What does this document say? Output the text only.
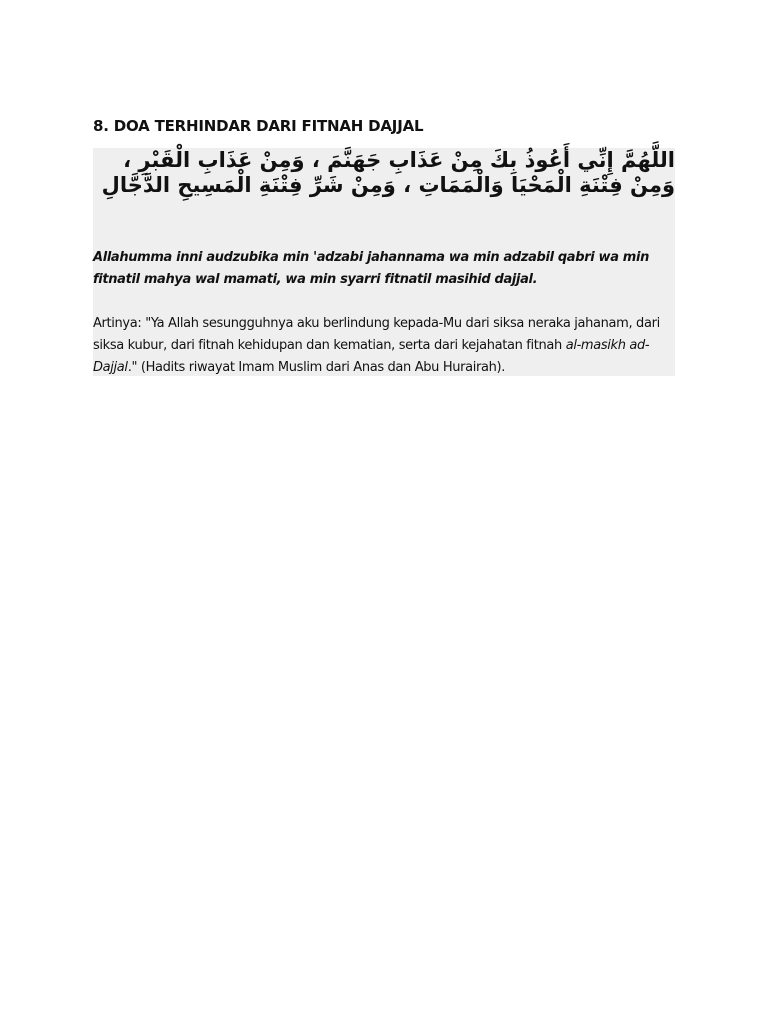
8. DOA TERHINDAR DARI FITNAH DAJJAL
اللَّهُمَّ إِنِّي أَعُوذُ بِكَ مِنْ عَذَابِ جَهَنَّمَ ، وَمِنْ عَذَابِ الْقَبْرِ ، وَمِنْ فِتْنَةِ الْمَحْيَا وَالْمَمَاتِ ، وَمِنْ شَرِّ فِتْنَةِ الْمَسِيحِ الدَّجَّالِ
Allahumma inni audzubika min 'adzabi jahannama wa min adzabil qabri wa min fitnatil mahya wal mamati, wa min syarri fitnatil masihid dajjal.
Artinya: "Ya Allah sesungguhnya aku berlindung kepada-Mu dari siksa neraka jahanam, dari siksa kubur, dari fitnah kehidupan dan kematian, serta dari kejahatan fitnah al-masikh ad-Dajjal." (Hadits riwayat Imam Muslim dari Anas dan Abu Hurairah).
